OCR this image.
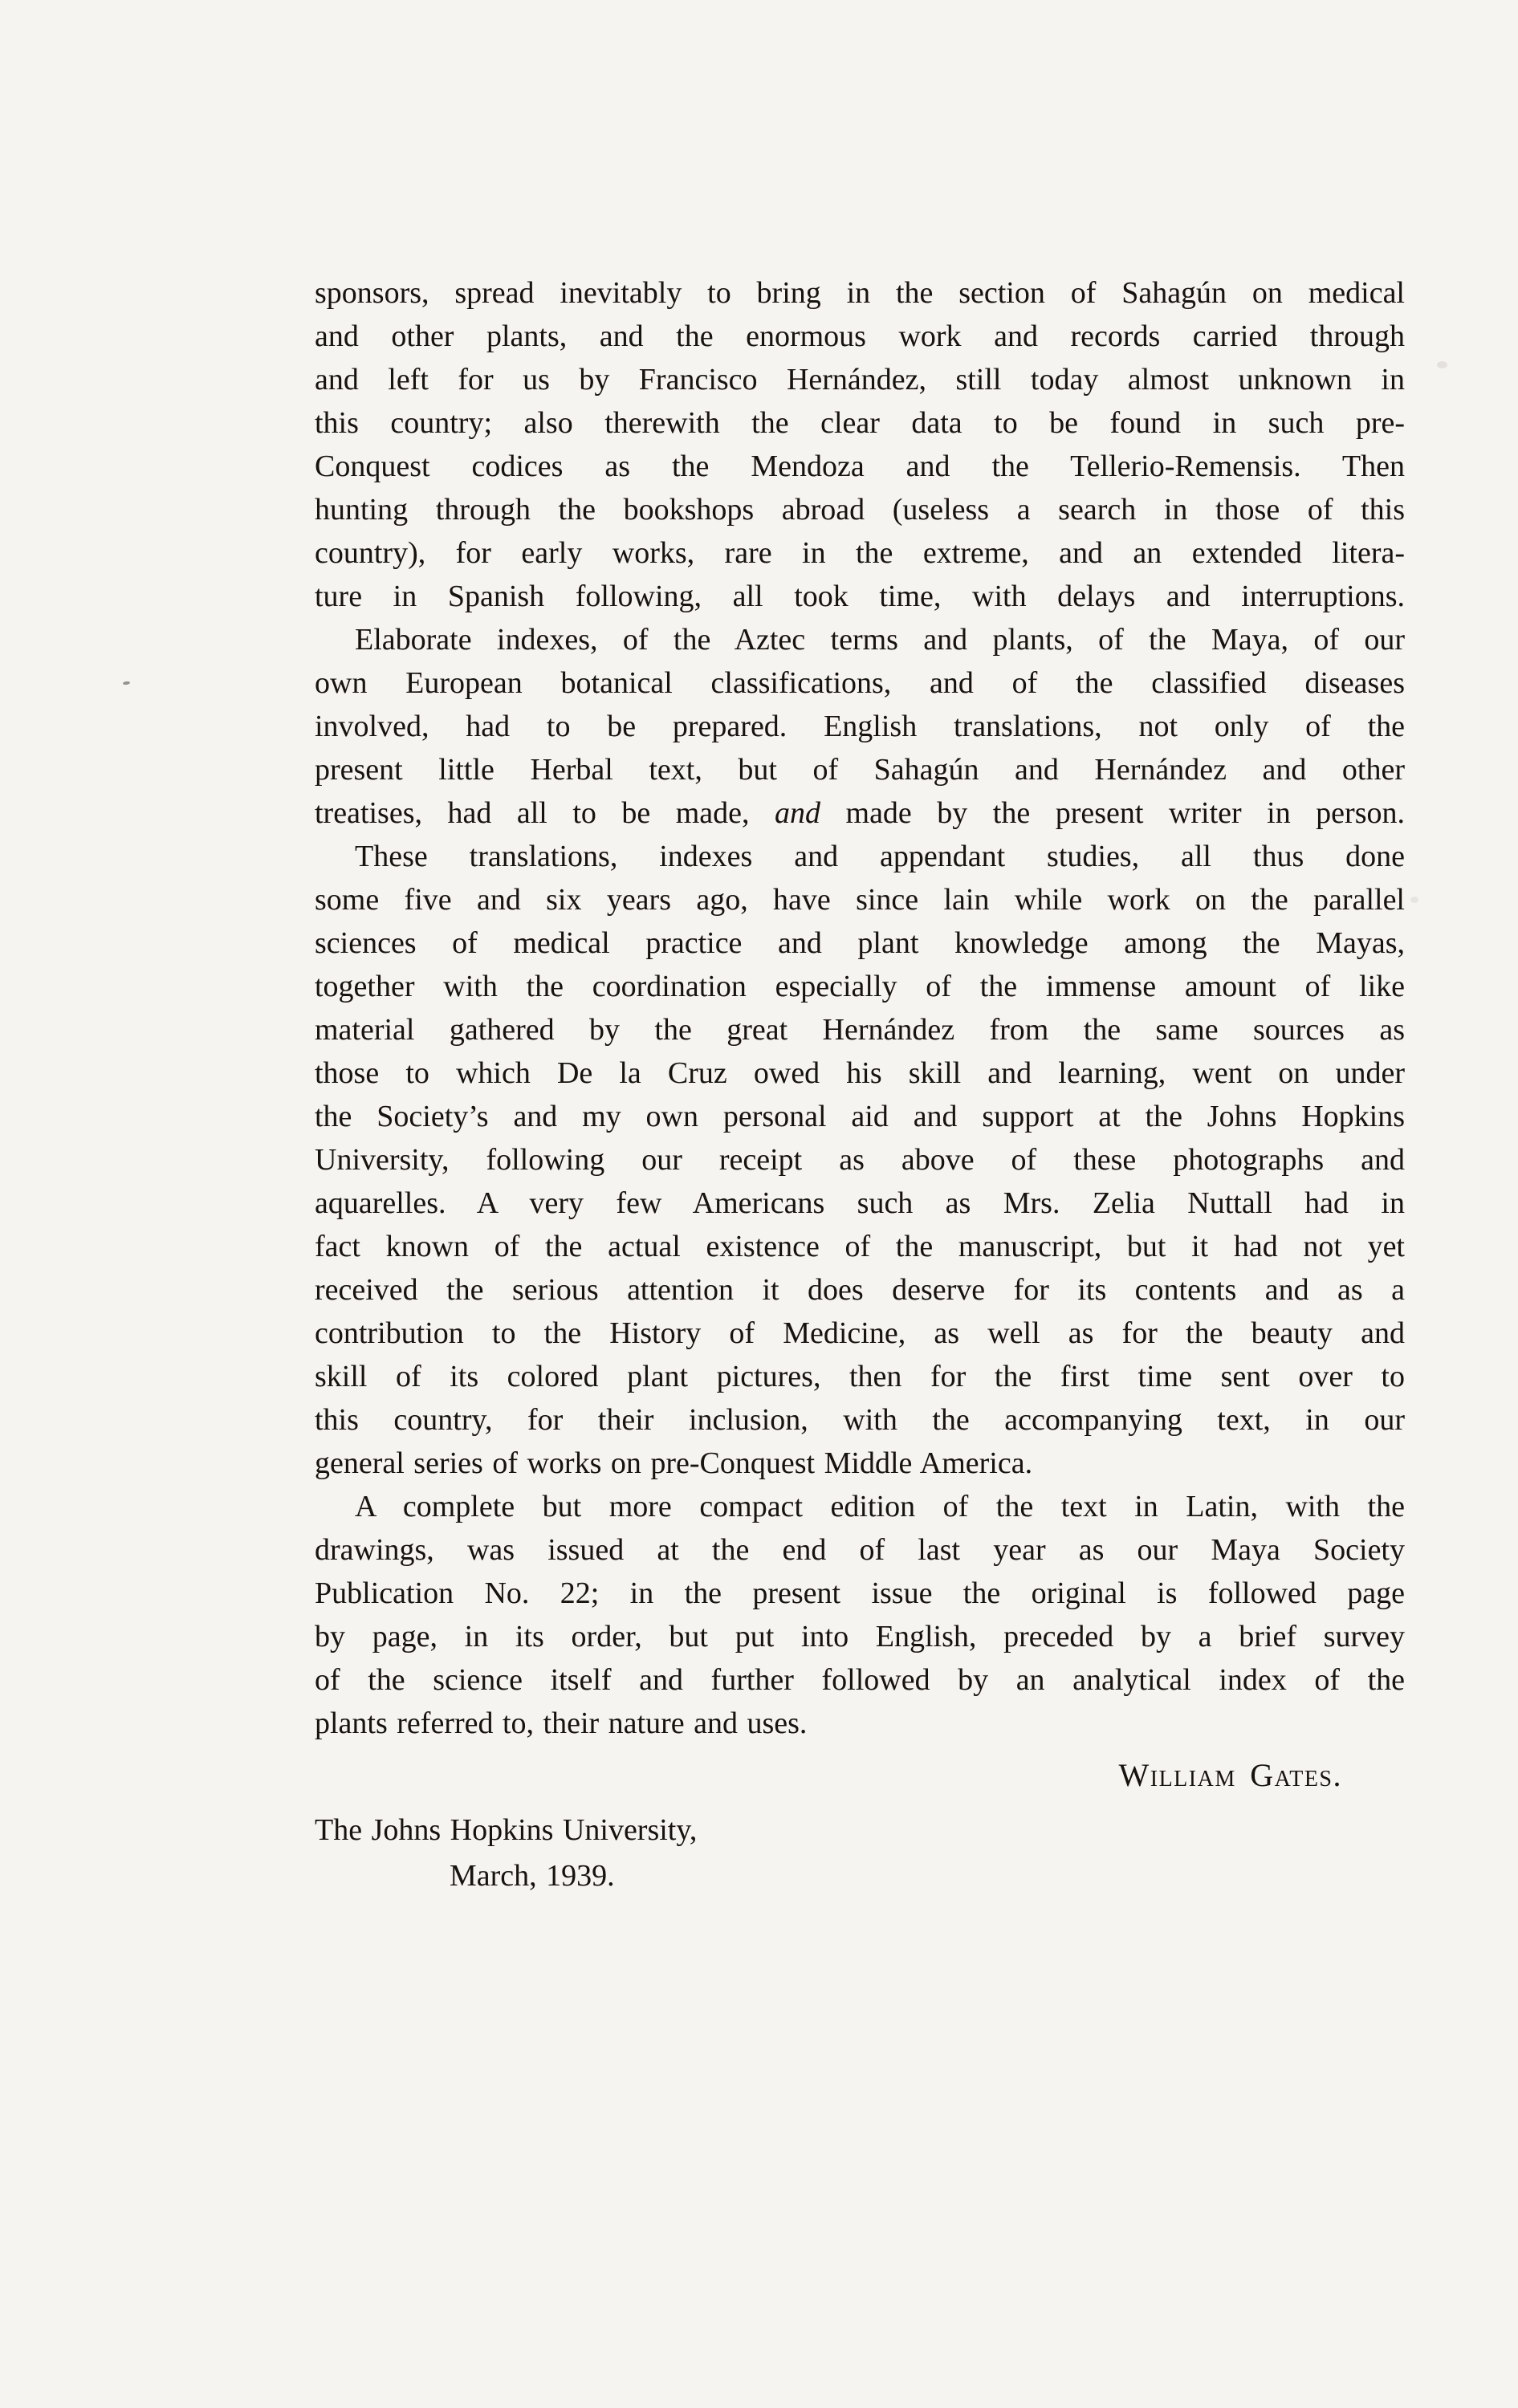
sponsors, spread inevitably to bring in the section of Sahagún on medical
and other plants, and the enormous work and records carried through
and left for us by Francisco Hernández, still today almost unknown in
this country; also therewith the clear data to be found in such pre-
Conquest codices as the Mendoza and the Tellerio-Remensis. Then
hunting through the bookshops abroad (useless a search in those of this
country), for early works, rare in the extreme, and an extended litera-
ture in Spanish following, all took time, with delays and interruptions.
Elaborate indexes, of the Aztec terms and plants, of the Maya, of our
own European botanical classifications, and of the classified diseases
involved, had to be prepared. English translations, not only of the
present little Herbal text, but of Sahagún and Hernández and other
treatises, had all to be made, and made by the present writer in person.
These translations, indexes and appendant studies, all thus done
some five and six years ago, have since lain while work on the parallel
sciences of medical practice and plant knowledge among the Mayas,
together with the coordination especially of the immense amount of like
material gathered by the great Hernández from the same sources as
those to which De la Cruz owed his skill and learning, went on under
the Society’s and my own personal aid and support at the Johns Hopkins
University, following our receipt as above of these photographs and
aquarelles. A very few Americans such as Mrs. Zelia Nuttall had in
fact known of the actual existence of the manuscript, but it had not yet
received the serious attention it does deserve for its contents and as a
contribution to the History of Medicine, as well as for the beauty and
skill of its colored plant pictures, then for the first time sent over to
this country, for their inclusion, with the accompanying text, in our
general series of works on pre-Conquest Middle America.
A complete but more compact edition of the text in Latin, with the
drawings, was issued at the end of last year as our Maya Society
Publication No. 22; in the present issue the original is followed page
by page, in its order, but put into English, preceded by a brief survey
of the science itself and further followed by an analytical index of the
plants referred to, their nature and uses.
William Gates.
The Johns Hopkins University,
March, 1939.
